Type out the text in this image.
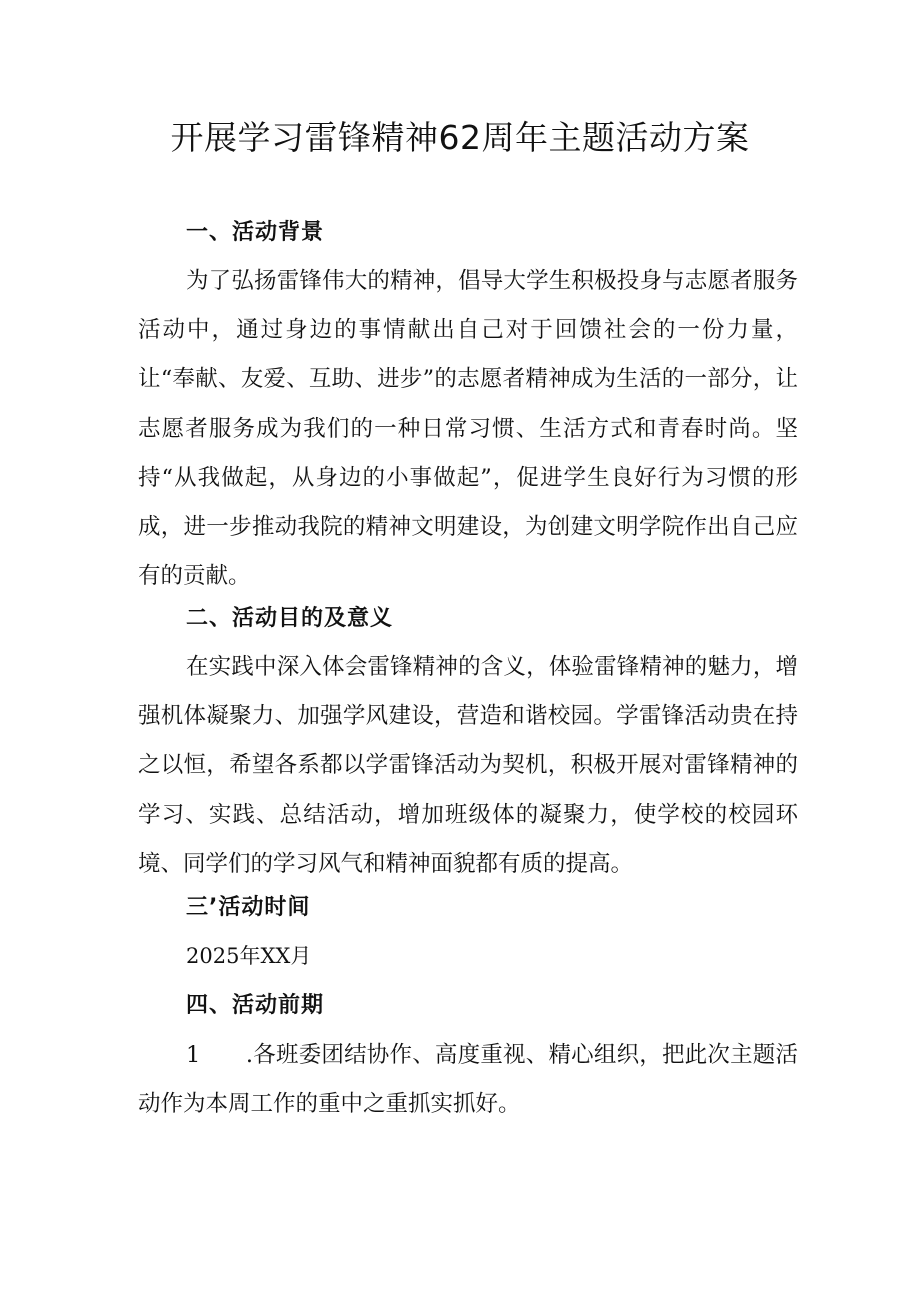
开展学习雷锋精神62周年主题活动方案
一、活动背景
为了弘扬雷锋伟大的精神，倡导大学生积极投身与志愿者服务活动中，通过身边的事情献出自己对于回馈社会的一份力量，让“奉献、友爱、互助、进步”的志愿者精神成为生活的一部分，让志愿者服务成为我们的一种日常习惯、生活方式和青春时尚。坚持“从我做起，从身边的小事做起”，促进学生良好行为习惯的形成，进一步推动我院的精神文明建设，为创建文明学院作出自己应有的贡献。
二、活动目的及意义
在实践中深入体会雷锋精神的含义，体验雷锋精神的魅力，增强机体凝聚力、加强学风建设，营造和谐校园。学雷锋活动贵在持之以恒，希望各系都以学雷锋活动为契机，积极开展对雷锋精神的学习、实践、总结活动，增加班级体的凝聚力，使学校的校园环境、同学们的学习风气和精神面貌都有质的提高。
三’活动时间
2025年XX月
四、活动前期
1　　.各班委团结协作、高度重视、精心组织，把此次主题活动作为本周工作的重中之重抓实抓好。
